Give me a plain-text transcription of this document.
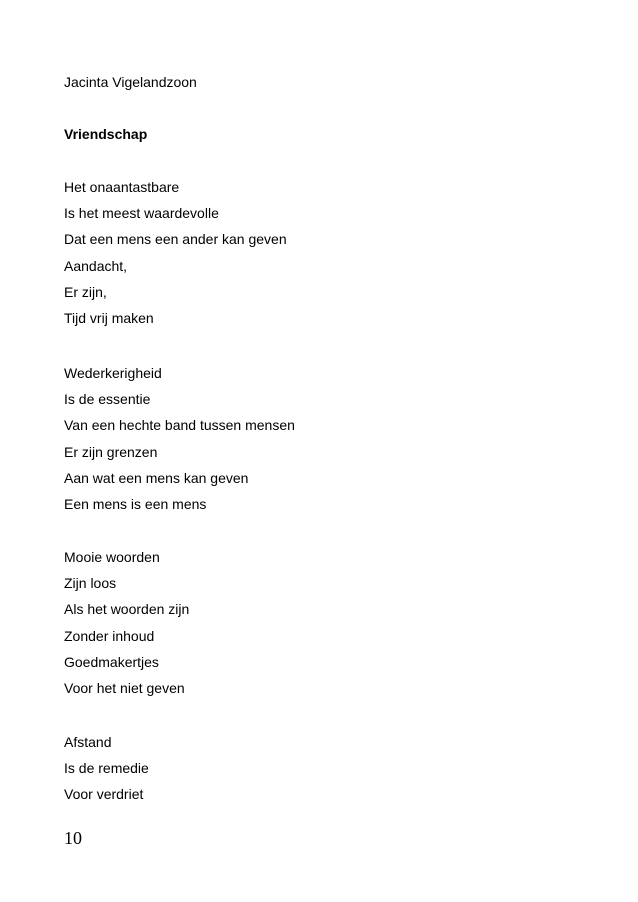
Jacinta Vigelandzoon
Vriendschap
Het onaantastbare
Is het meest waardevolle
Dat een mens een ander kan geven
Aandacht,
Er zijn,
Tijd vrij maken
Wederkerigheid
Is de essentie
Van een hechte band tussen mensen
Er zijn grenzen
Aan wat een mens kan geven
Een mens is een mens
Mooie woorden
Zijn loos
Als het woorden zijn
Zonder inhoud
Goedmakertjes
Voor het niet geven
Afstand
Is de remedie
Voor verdriet
10
